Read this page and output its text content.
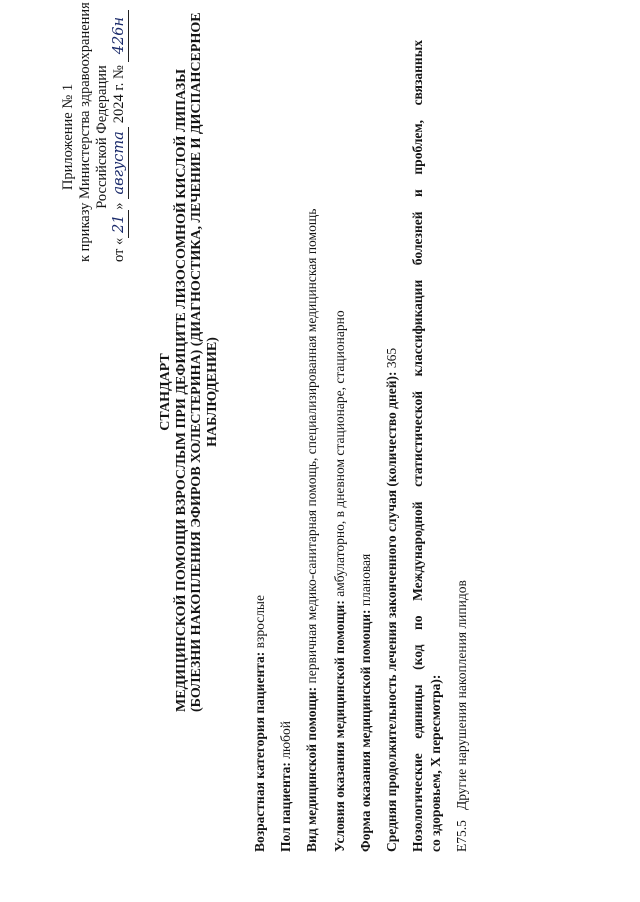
Приложение № 1 к приказу Министерства здравоохранения Российской Федерации
от «21» августа 2024 г. № 426н
СТАНДАРТ МЕДИЦИНСКОЙ ПОМОЩИ ВЗРОСЛЫМ ПРИ ДЕФИЦИТЕ ЛИЗОСОМНОЙ КИСЛОЙ ЛИПАЗЫ (БОЛЕЗНИ НАКОПЛЕНИЯ ЭФИРОВ ХОЛЕСТЕРИНА) (ДИАГНОСТИКА, ЛЕЧЕНИЕ И ДИСПАНСЕРНОЕ НАБЛЮДЕНИЕ)
Возрастная категория пациента: взрослые
Пол пациента: любой Вид медицинской помощи: первичная медико-санитарная помощь, специализированная медицинская помощь
Условия оказания медицинской помощи: амбулаторно, в дневном стационаре, стационарно
Форма оказания медицинской помощи: плановая Средняя продолжительность лечения законченного случая (количество дней): 365 Нозологические единицы (код по Международной статистической классификации болезней и проблем, связанных со здоровьем, X пересмотра): E75.5   Другие нарушения накопления липидов
